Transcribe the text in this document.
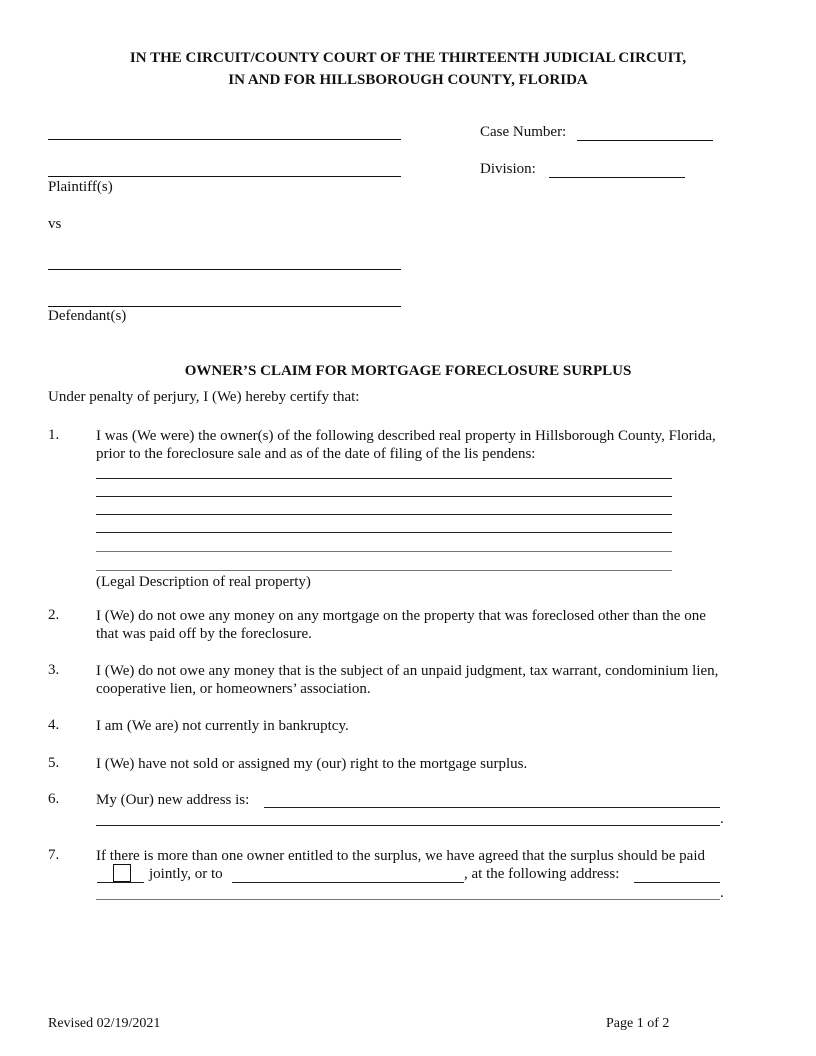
IN THE CIRCUIT/COUNTY COURT OF THE THIRTEENTH JUDICIAL CIRCUIT,
IN AND FOR HILLSBOROUGH COUNTY, FLORIDA
Plaintiff(s)
vs
Defendant(s)
Case Number:
Division:
OWNER’S CLAIM FOR MORTGAGE FORECLOSURE SURPLUS
Under penalty of perjury, I (We) hereby certify that:
1. I was (We were) the owner(s) of the following described real property in Hillsborough County, Florida,
prior to the foreclosure sale and as of the date of filing of the lis pendens:
(Legal Description of real property)
2. I (We) do not owe any money on any mortgage on the property that was foreclosed other than the one
that was paid off by the foreclosure.
3. I (We) do not owe any money that is the subject of an unpaid judgment, tax warrant, condominium lien,
cooperative lien, or homeowners’ association.
4. I am (We are) not currently in bankruptcy.
5. I (We) have not sold or assigned my (our) right to the mortgage surplus.
6. My (Our) new address is:
.
7. If there is more than one owner entitled to the surplus, we have agreed that the surplus should be paid
jointly, or to	, at the following address:
.
Revised 02/19/2021	Page 1 of 2
